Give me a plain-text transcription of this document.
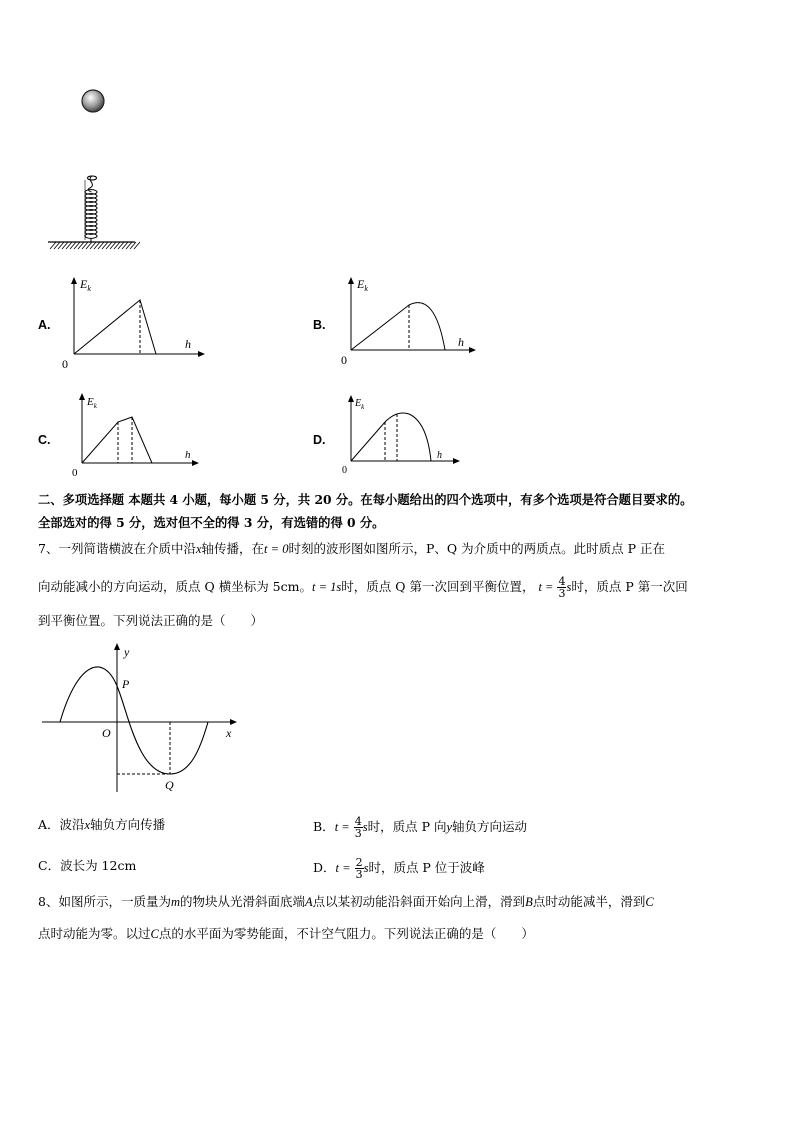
A.
$E_k$
h
0
B.
$E_k$
h
0
C.
$E_k$
h
0
D.
$E_k$
h
0
二、多项选择题 本题共 4 小题，每小题 5 分，共 20 分。在每小题给出的四个选项中，有多个选项是符合题目要求的。
全部选对的得 5 分，选对但不全的得 3 分，有选错的得 0 分。
7、一列简谐横波在介质中沿x轴传播，在t = 0时刻的波形图如图所示，P、Q 为介质中的两质点。此时质点 P 正在
向动能减小的方向运动，质点 Q 横坐标为 5cm。t = 1s时，质点 Q 第一次回到平衡位置， $t = \frac{4}{3}$ s时，质点 P 第一次回
到平衡位置。下列说法正确的是（　　）
y
x
O
P
Q
A．波沿x轴负方向传播	B．$t = \frac{4}{3}$ s时，质点 P 向y轴负方向运动
C．波长为 12cm	D．$t = \frac{2}{3}$ s时，质点 P 位于波峰
8、如图所示，一质量为m的物块从光滑斜面底端A点以某初动能沿斜面开始向上滑，滑到B点时动能减半，滑到C
点时动能为零。以过C点的水平面为零势能面，不计空气阻力。下列说法正确的是（　　）
